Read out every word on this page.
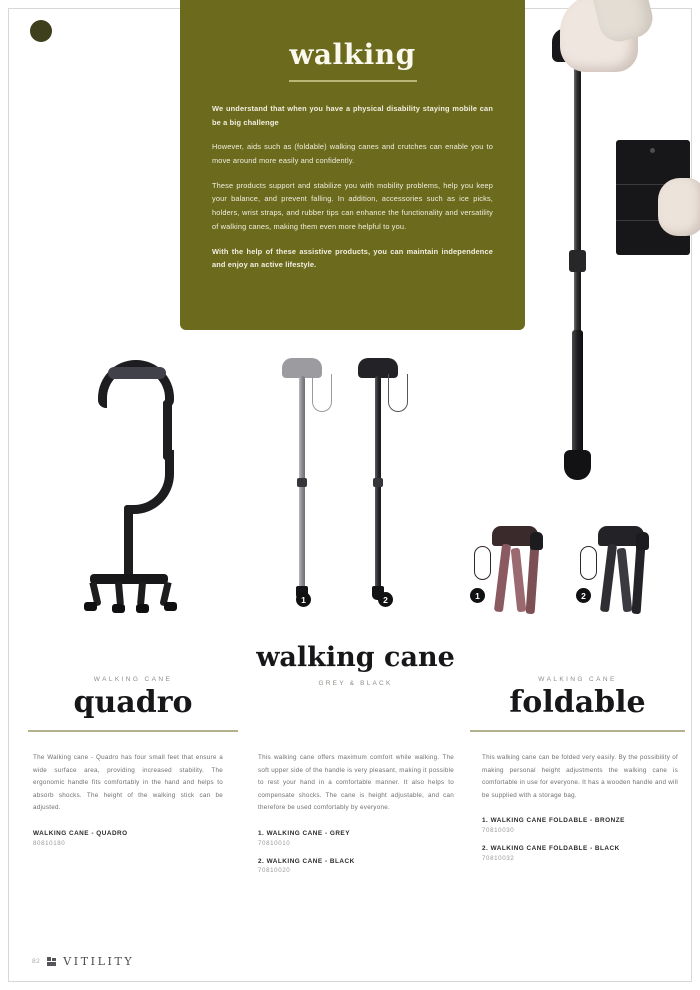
walking
We understand that when you have a physical disability staying mobile can be a big challenge
However, aids such as (foldable) walking canes and crutches can enable you to move around more easily and confidently.
These products support and stabilize you with mobility problems, help you keep your balance, and prevent falling. In addition, accessories such as ice picks, holders, wrist straps, and rubber tips can enhance the functionality and versatility of walking canes, making them even more helpful to you.
With the help of these assistive products, you can maintain independence and enjoy an active lifestyle.
1	2	1	2
WALKING CANE
quadro
walking cane
GREY & BLACK
WALKING CANE
foldable
The Walking cane - Quadro has four small feet that ensure a wide surface area, providing increased stability. The ergonomic handle fits comfortably in the hand and helps to absorb shocks. The height of the walking stick can be adjusted.
WALKING CANE - QUADRO
80810180
This walking cane offers maximum comfort while walking. The soft upper side of the handle is very pleasant, making it possible to rest your hand in a comfortable manner. It also helps to compensate shocks. The cane is height adjustable, and can therefore be used comfortably by everyone.
1. WALKING CANE - GREY
70810010
2. WALKING CANE - BLACK
70810020
This walking cane can be folded very easily. By the possibility of making personal height adjustments the walking cane is comfortable in use for everyone. It has a wooden handle and will be supplied with a storage bag.
1. WALKING CANE FOLDABLE - BRONZE
70810030
2. WALKING CANE FOLDABLE - BLACK
70810032
82 VITILITY
